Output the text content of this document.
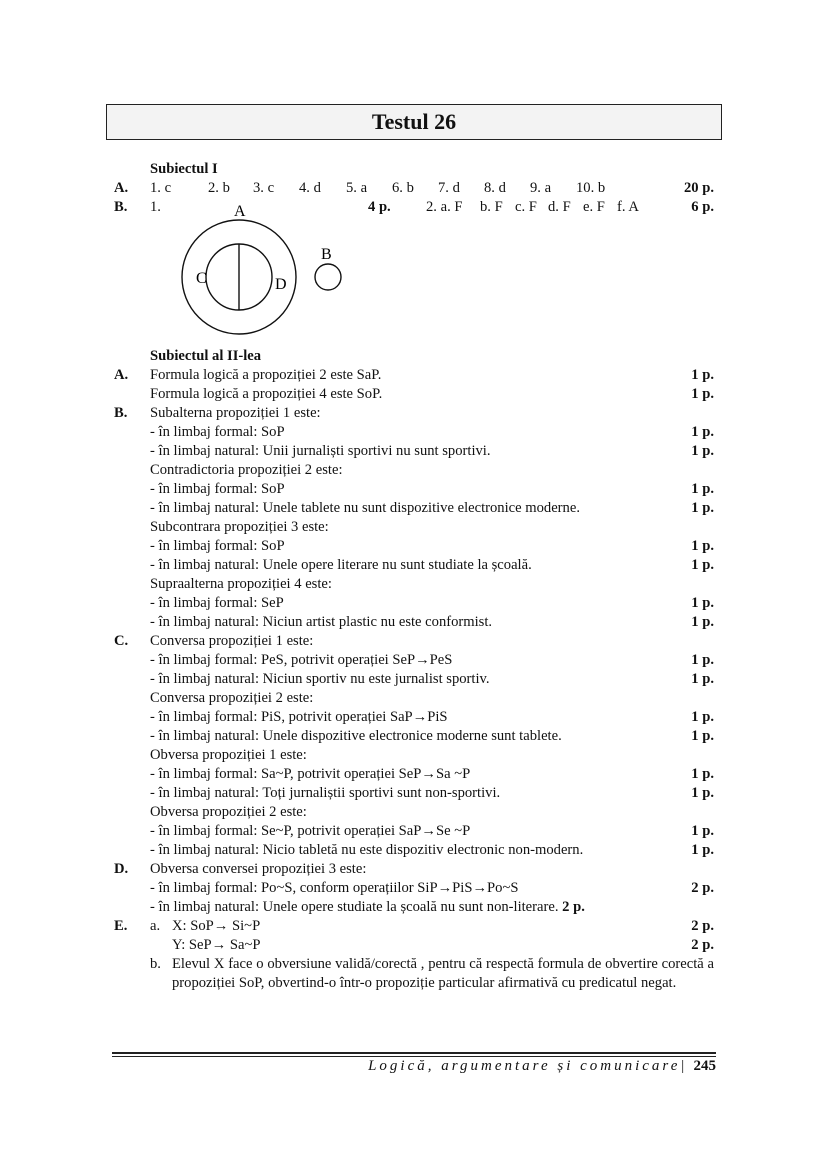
Testul 26
Subiectul I
A.	1. c	2. b 3. c 4. d 5. a 6. b 7. d 8. d 9. a 10. b	20 p.
B.	1.	4 p. 2. a. F b. F c. F d. F e. F f. A	6 p.
A
C	D
B
Subiectul al II-lea
A.	Formula logică a propoziției 2 este SaP.	1 p.
Formula logică a propoziției 4 este SoP.	1 p.
B.	Subalterna propoziției 1 este:
- în limbaj formal: SoP	1 p.
- în limbaj natural: Unii jurnaliști sportivi nu sunt sportivi.	1 p.
Contradictoria propoziției 2 este:
- în limbaj formal: SoP	1 p.
- în limbaj natural: Unele tablete nu sunt dispozitive electronice moderne.	1 p.
Subcontrara propoziției 3 este:
- în limbaj formal: SoP	1 p.
- în limbaj natural: Unele opere literare nu sunt studiate la școală.	1 p.
Supraalterna propoziției 4 este:
- în limbaj formal: SeP	1 p.
- în limbaj natural: Niciun artist plastic nu este conformist.	1 p.
C.	Conversa propoziției 1 este:
- în limbaj formal: PeS, potrivit operației SeP→PeS	1 p.
- în limbaj natural: Niciun sportiv nu este jurnalist sportiv.	1 p.
Conversa propoziției 2 este:
- în limbaj formal: PiS, potrivit operației SaP→PiS	1 p.
- în limbaj natural: Unele dispozitive electronice moderne sunt tablete.	1 p.
Obversa propoziției 1 este:
- în limbaj formal: Sa~P, potrivit operației SeP→Sa ~P	1 p.
- în limbaj natural: Toți jurnaliștii sportivi sunt non-sportivi.	1 p.
Obversa propoziției 2 este:
- în limbaj formal: Se~P, potrivit operației SaP→Se ~P	1 p.
- în limbaj natural: Nicio tabletă nu este dispozitiv electronic non-modern.	1 p.
D.	Obversa conversei propoziției 3 este:
- în limbaj formal: Po~S, conform operațiilor SiP→PiS→Po~S	2 p.
- în limbaj natural: Unele opere studiate la școală nu sunt non-literare. 2 p.
E.	a. X: SoP→ Si~P	2 p.
Y: SeP→ Sa~P	2 p.
b. Elevul X face o obversiune validă/corectă , pentru că respectă formula de obvertire corectă a propoziției SoP, obvertind-o într-o propoziție particular afirmativă cu predicatul negat.
Logică, argumentare și comunicare| 245
